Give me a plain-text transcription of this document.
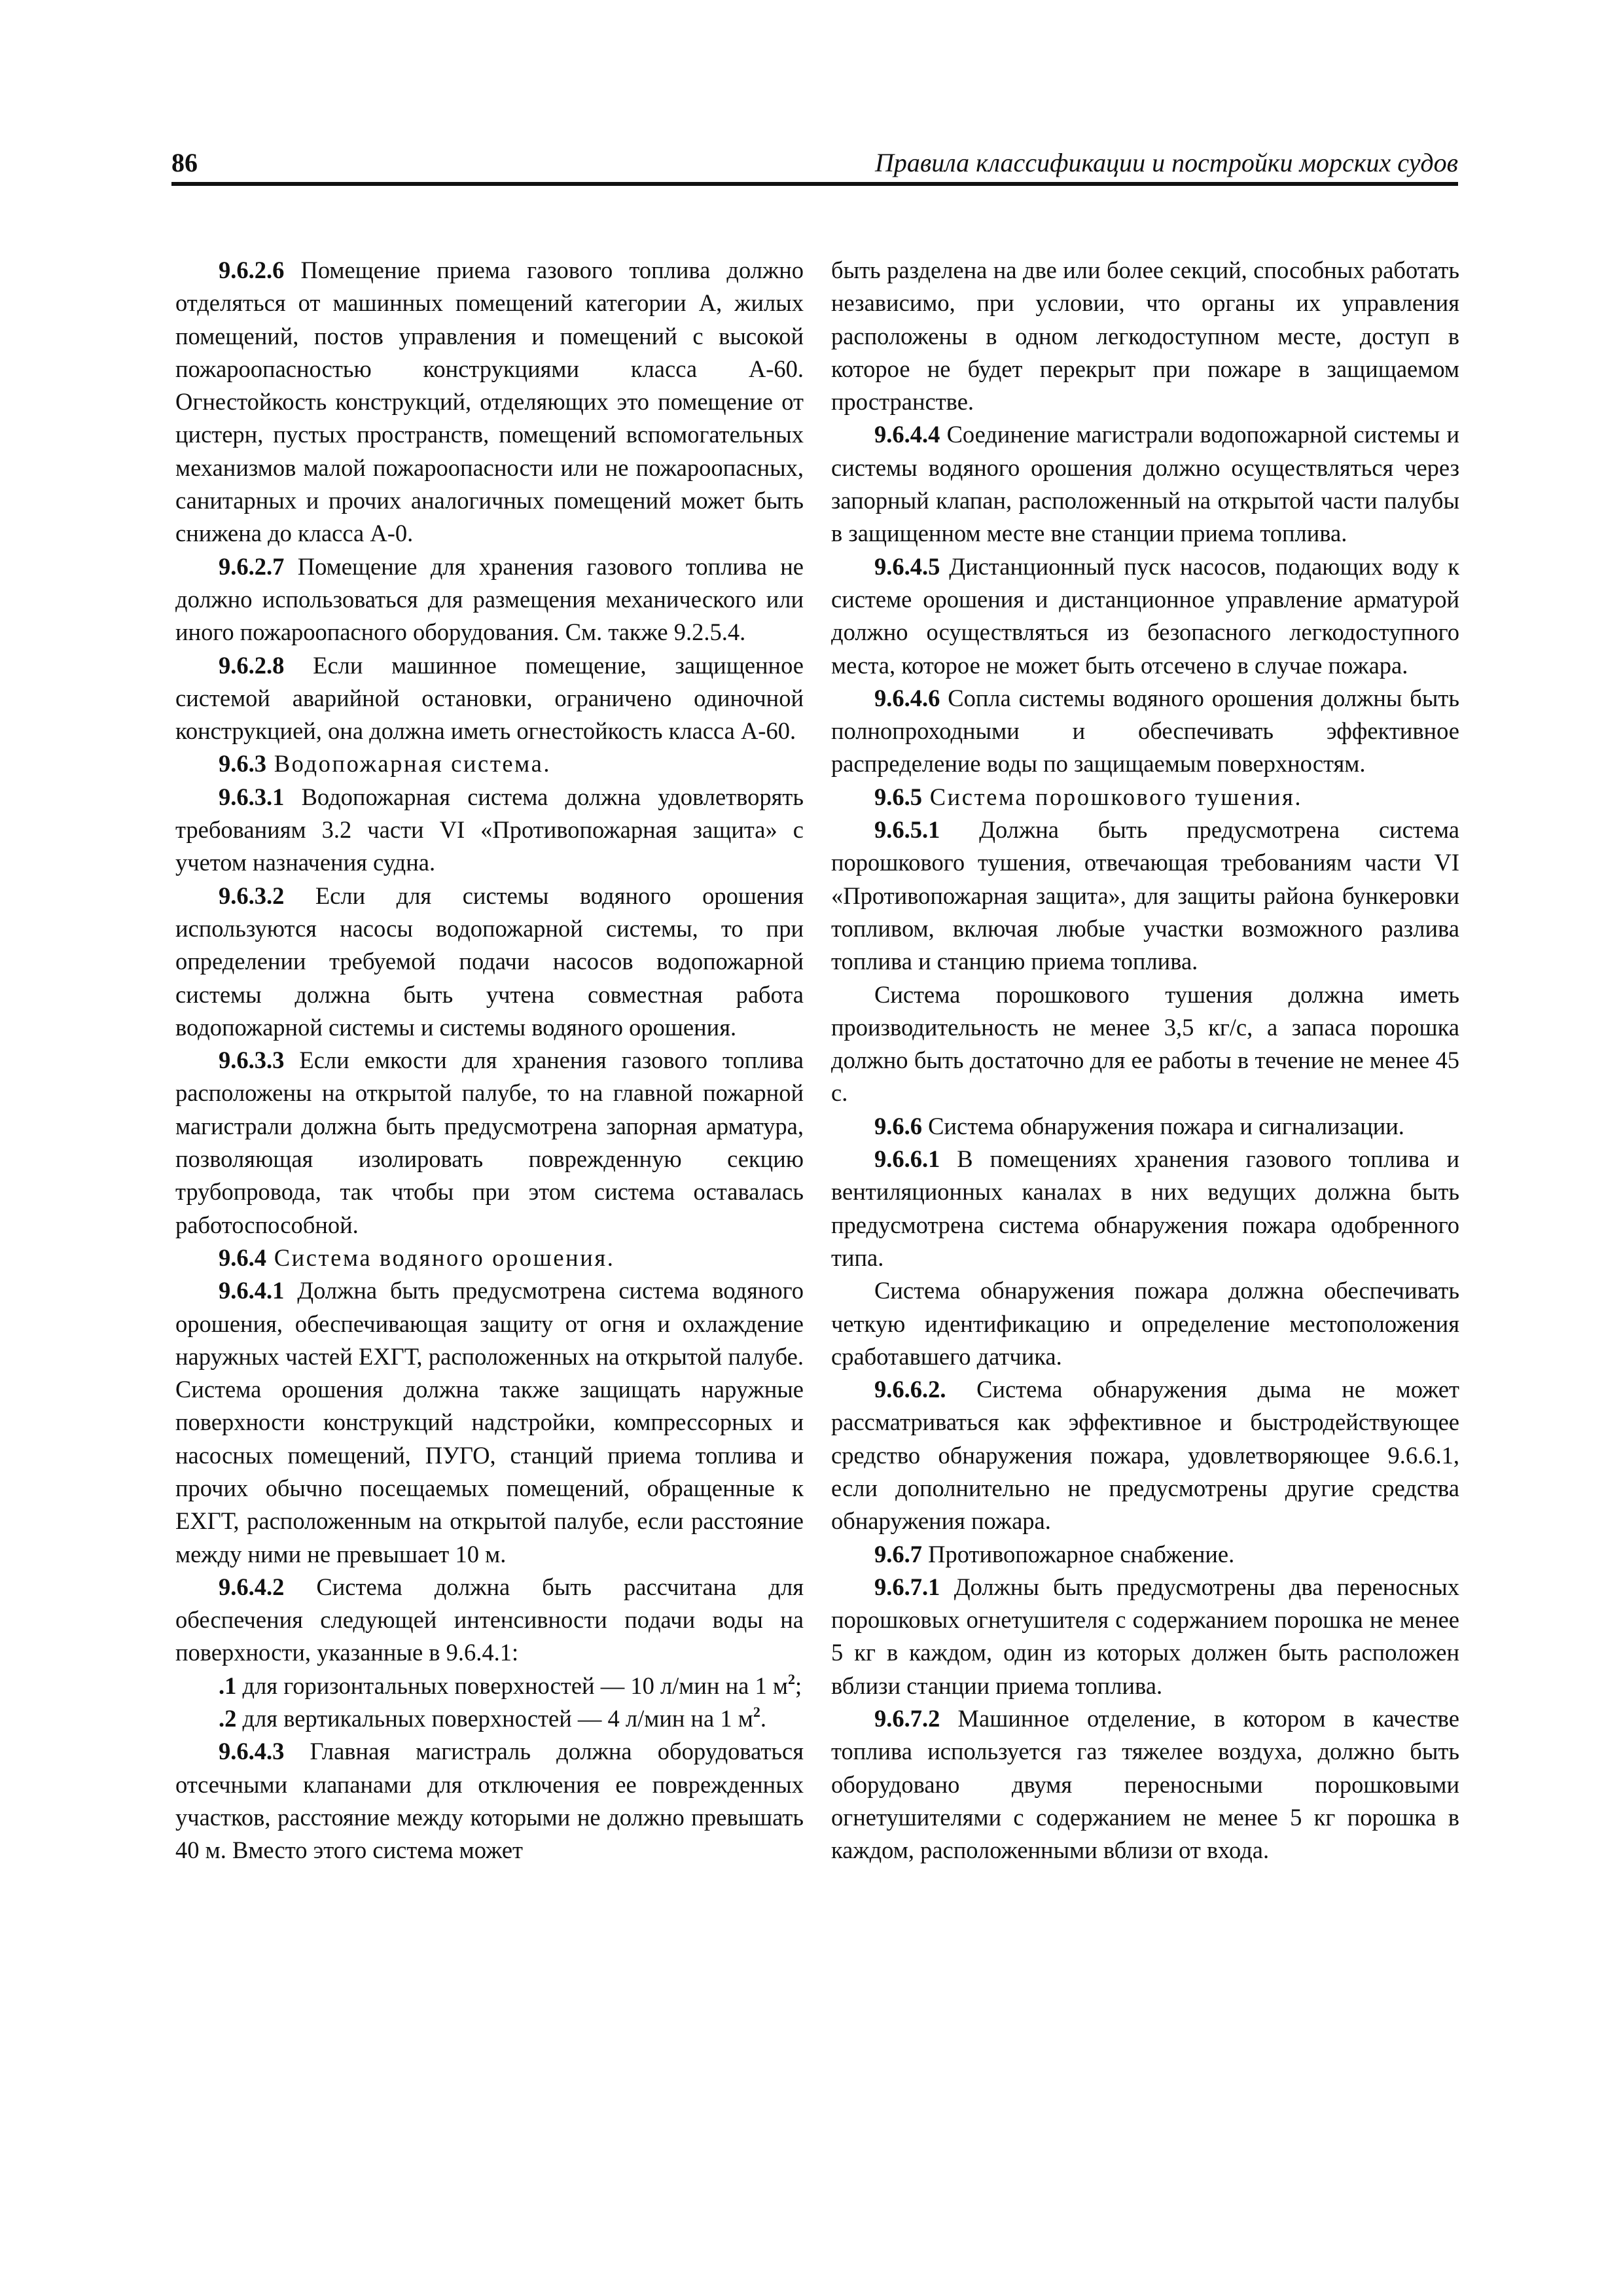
86	Правила классификации и постройки морских судов

9.6.2.6 Помещение приема газового топлива должно отделяться от машинных помещений категории А, жилых помещений, постов управления и помещений с высокой пожароопасностью конструкциями класса А-60. Огнестойкость конструкций, отделяющих это помещение от цистерн, пустых пространств, помещений вспомогательных механизмов малой пожароопасности или не пожароопасных, санитарных и прочих аналогичных помещений может быть снижена до класса А-0.

9.6.2.7 Помещение для хранения газового топлива не должно использоваться для размещения механического или иного пожароопасного оборудования. См. также 9.2.5.4.

9.6.2.8 Если машинное помещение, защищенное системой аварийной остановки, ограничено одиночной конструкцией, она должна иметь огнестойкость класса А-60.

9.6.3 Водопожарная система.

9.6.3.1 Водопожарная система должна удовлетворять требованиям 3.2 части VI «Противопожарная защита» с учетом назначения судна.

9.6.3.2 Если для системы водяного орошения используются насосы водопожарной системы, то при определении требуемой подачи насосов водопожарной системы должна быть учтена совместная работа водопожарной системы и системы водяного орошения.

9.6.3.3 Если емкости для хранения газового топлива расположены на открытой палубе, то на главной пожарной магистрали должна быть предусмотрена запорная арматура, позволяющая изолировать поврежденную секцию трубопровода, так чтобы при этом система оставалась работоспособной.

9.6.4 Система водяного орошения.

9.6.4.1 Должна быть предусмотрена система водяного орошения, обеспечивающая защиту от огня и охлаждение наружных частей ЕХГТ, расположенных на открытой палубе. Система орошения должна также защищать наружные поверхности конструкций надстройки, компрессорных и насосных помещений, ПУГО, станций приема топлива и прочих обычно посещаемых помещений, обращенные к ЕХГТ, расположенным на открытой палубе, если расстояние между ними не превышает 10 м.

9.6.4.2 Система должна быть рассчитана для обеспечения следующей интенсивности подачи воды на поверхности, указанные в 9.6.4.1:

.1 для горизонтальных поверхностей — 10 л/мин на 1 $м^2$;

.2 для вертикальных поверхностей — 4 л/мин на 1 $м^2$.

9.6.4.3 Главная магистраль должна оборудоваться отсечными клапанами для отключения ее поврежденных участков, расстояние между которыми не должно превышать 40 м. Вместо этого система может

быть разделена на две или более секций, способных работать независимо, при условии, что органы их управления расположены в одном легкодоступном месте, доступ в которое не будет перекрыт при пожаре в защищаемом пространстве.

9.6.4.4 Соединение магистрали водопожарной системы и системы водяного орошения должно осуществляться через запорный клапан, расположенный на открытой части палубы в защищенном месте вне станции приема топлива.

9.6.4.5 Дистанционный пуск насосов, подающих воду к системе орошения и дистанционное управление арматурой должно осуществляться из безопасного легкодоступного места, которое не может быть отсечено в случае пожара.

9.6.4.6 Сопла системы водяного орошения должны быть полнопроходными и обеспечивать эффективное распределение воды по защищаемым поверхностям.

9.6.5 Система порошкового тушения.

9.6.5.1 Должна быть предусмотрена система порошкового тушения, отвечающая требованиям части VI «Противопожарная защита», для защиты района бункеровки топливом, включая любые участки возможного разлива топлива и станцию приема топлива.

Система порошкового тушения должна иметь производительность не менее 3,5 кг/с, а запаса порошка должно быть достаточно для ее работы в течение не менее 45 с.

9.6.6 Система обнаружения пожара и сигнализации.

9.6.6.1 В помещениях хранения газового топлива и вентиляционных каналах в них ведущих должна быть предусмотрена система обнаружения пожара одобренного типа.

Система обнаружения пожара должна обеспечивать четкую идентификацию и определение местоположения сработавшего датчика.

9.6.6.2. Система обнаружения дыма не может рассматриваться как эффективное и быстродействующее средство обнаружения пожара, удовлетворяющее 9.6.6.1, если дополнительно не предусмотрены другие средства обнаружения пожара.

9.6.7 Противопожарное снабжение.

9.6.7.1 Должны быть предусмотрены два переносных порошковых огнетушителя с содержанием порошка не менее 5 кг в каждом, один из которых должен быть расположен вблизи станции приема топлива.

9.6.7.2 Машинное отделение, в котором в качестве топлива используется газ тяжелее воздуха, должно быть оборудовано двумя переносными порошковыми огнетушителями с содержанием не менее 5 кг порошка в каждом, расположенными вблизи от входа.
